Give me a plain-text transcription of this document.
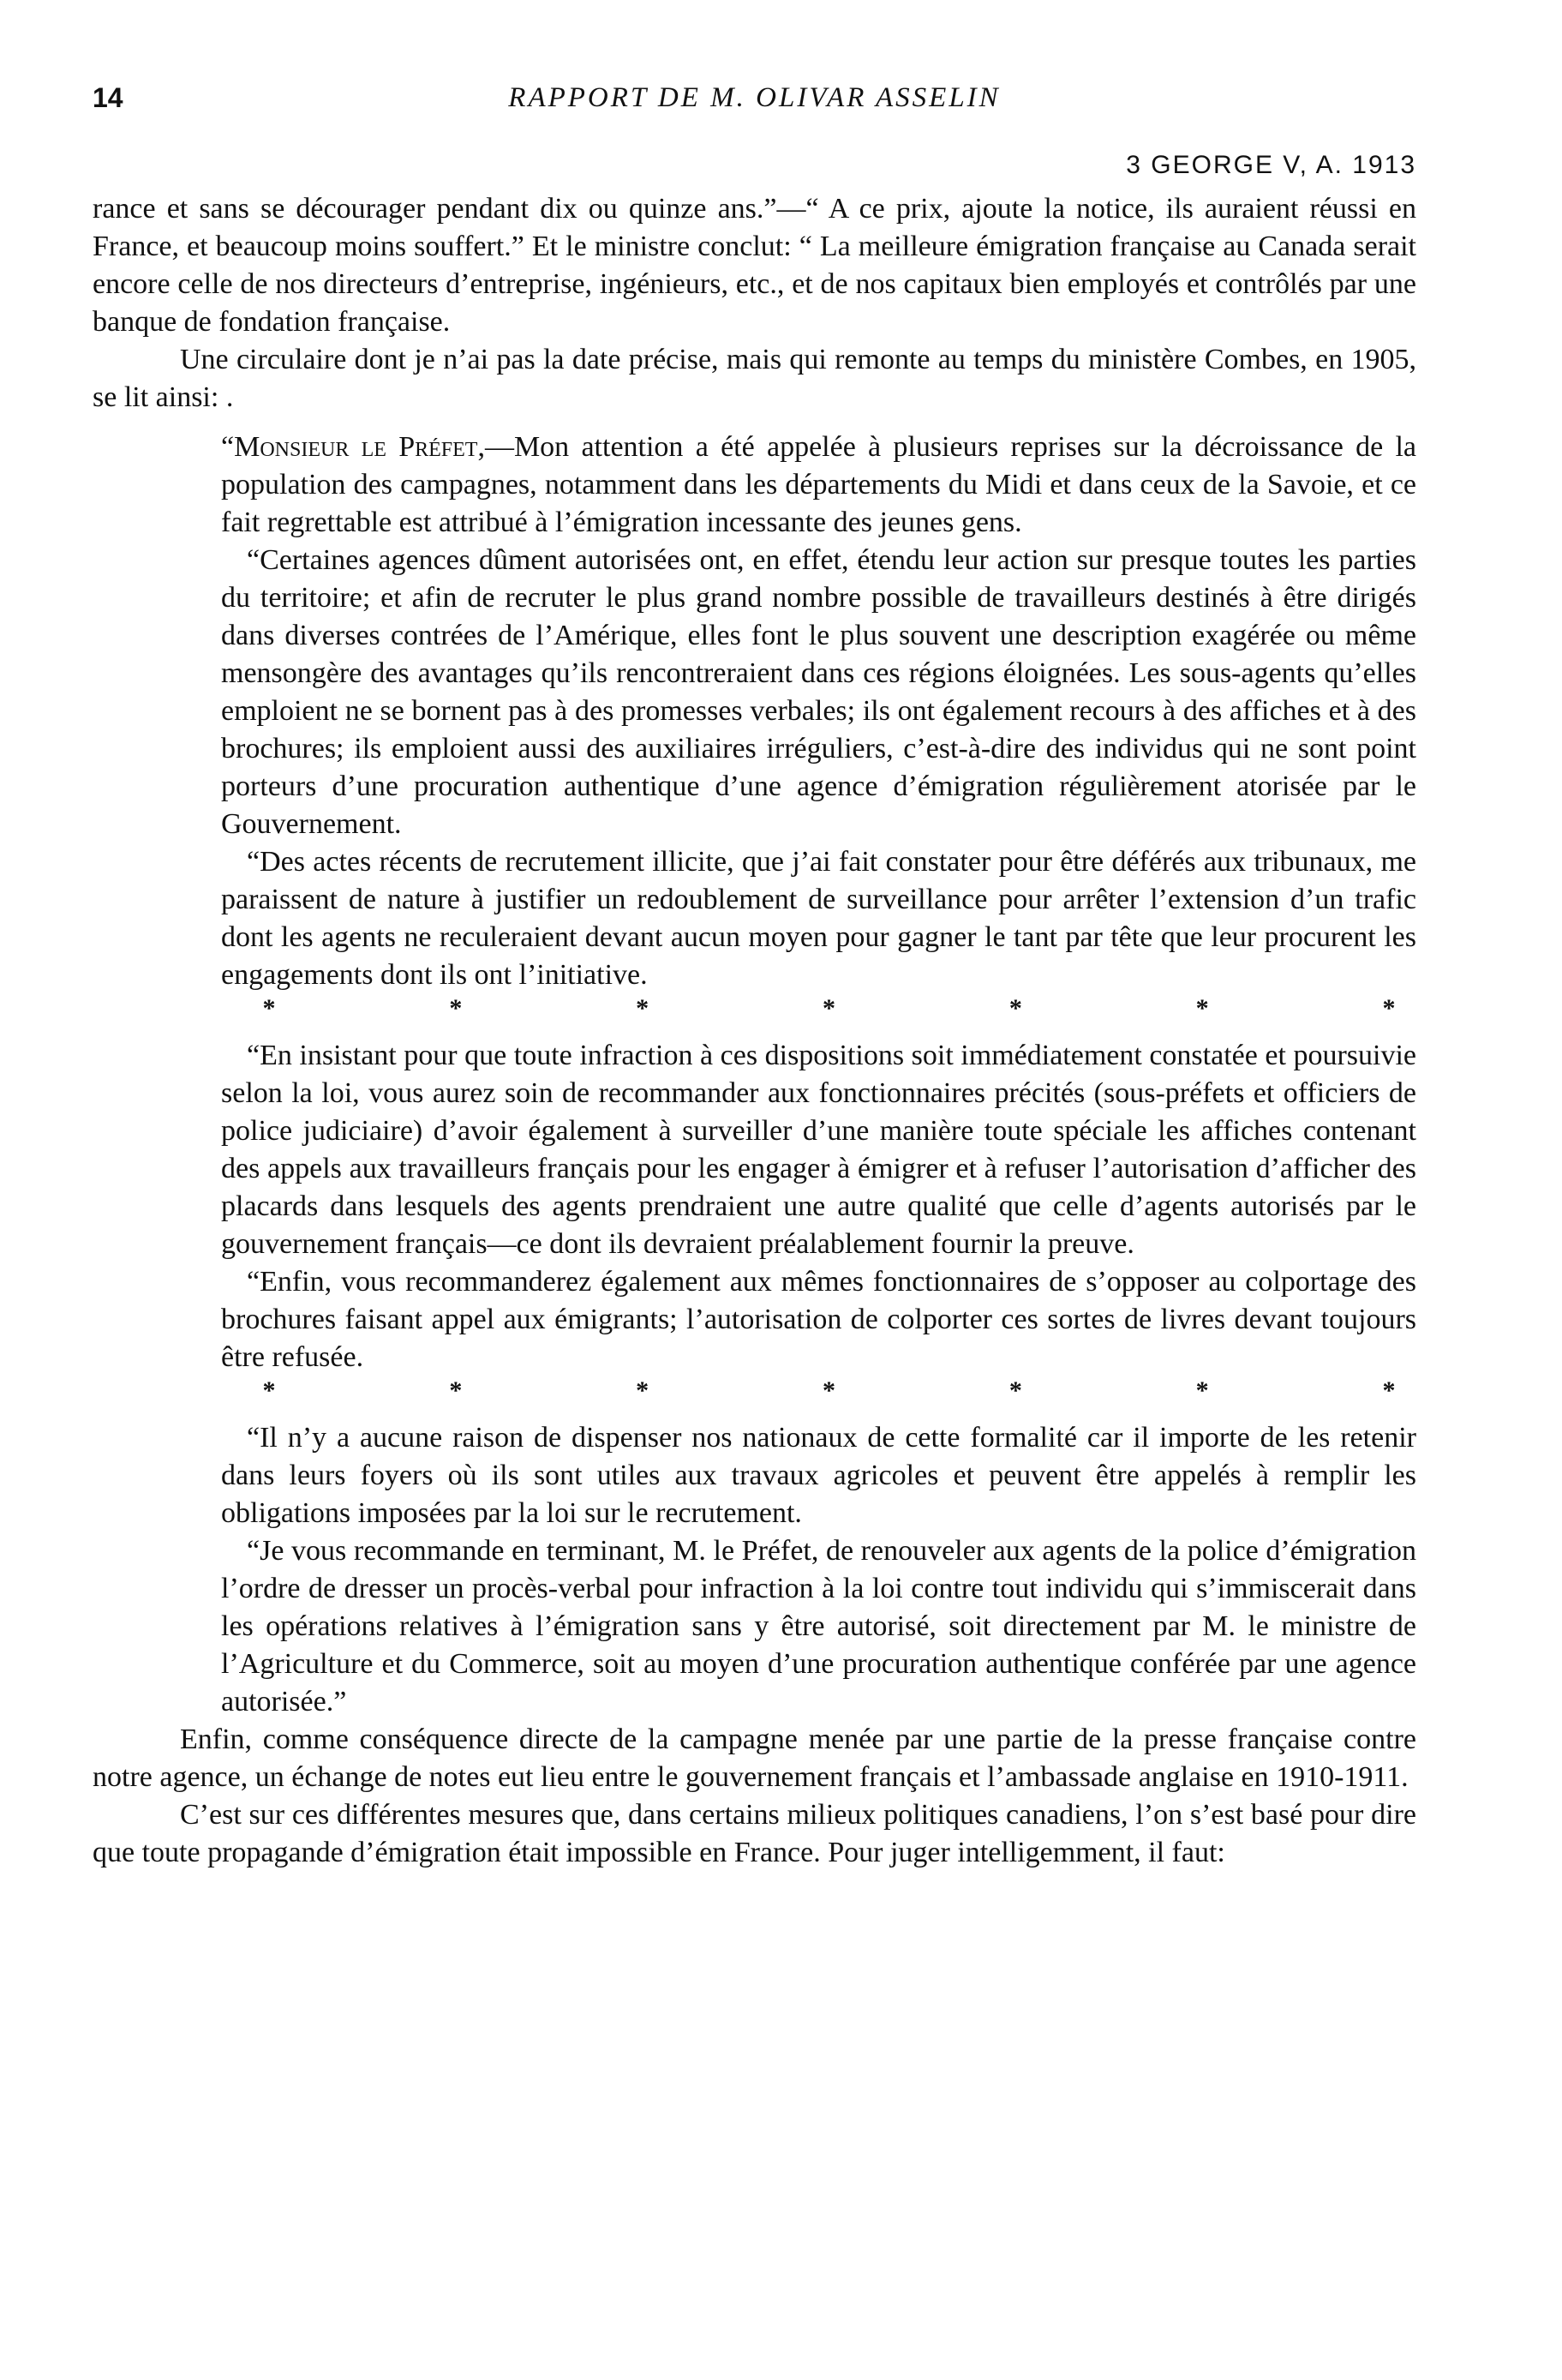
14	RAPPORT DE M. OLIVAR ASSELIN
3 GEORGE V, A. 1913

rance et sans se décourager pendant dix ou quinze ans.”—“ A ce prix, ajoute la notice, ils auraient réussi en France, et beaucoup moins souffert.” Et le ministre conclut: “ La meilleure émigration française au Canada serait encore celle de nos directeurs d’entreprise, ingénieurs, etc., et de nos capitaux bien employés et contrôlés par une banque de fondation française.

Une circulaire dont je n’ai pas la date précise, mais qui remonte au temps du ministère Combes, en 1905, se lit ainsi: .

“Monsieur le Préfet,—Mon attention a été appelée à plusieurs reprises sur la décroissance de la population des campagnes, notamment dans les départements du Midi et dans ceux de la Savoie, et ce fait regrettable est attribué à l’émigration incessante des jeunes gens.

“Certaines agences dûment autorisées ont, en effet, étendu leur action sur presque toutes les parties du territoire; et afin de recruter le plus grand nombre possible de travailleurs destinés à être dirigés dans diverses contrées de l’Amérique, elles font le plus souvent une description exagérée ou même mensongère des avantages qu’ils rencontreraient dans ces régions éloignées. Les sous-agents qu’elles emploient ne se bornent pas à des promesses verbales; ils ont également recours à des affiches et à des brochures; ils emploient aussi des auxiliaires irréguliers, c’est-à-dire des individus qui ne sont point porteurs d’une procuration authentique d’une agence d’émigration régulièrement atorisée par le Gouvernement.

“Des actes récents de recrutement illicite, que j’ai fait constater pour être déférés aux tribunaux, me paraissent de nature à justifier un redoublement de surveillance pour arrêter l’extension d’un trafic dont les agents ne reculeraient devant aucun moyen pour gagner le tant par tête que leur procurent les engagements dont ils ont l’initiative.

*	*	*	*	*	*	*

“En insistant pour que toute infraction à ces dispositions soit immédiatement constatée et poursuivie selon la loi, vous aurez soin de recommander aux fonctionnaires précités (sous-préfets et officiers de police judiciaire) d’avoir également à surveiller d’une manière toute spéciale les affiches contenant des appels aux travailleurs français pour les engager à émigrer et à refuser l’autorisation d’afficher des placards dans lesquels des agents prendraient une autre qualité que celle d’agents autorisés par le gouvernement français—ce dont ils devraient préalablement fournir la preuve.

“Enfin, vous recommanderez également aux mêmes fonctionnaires de s’opposer au colportage des brochures faisant appel aux émigrants; l’autorisation de colporter ces sortes de livres devant toujours être refusée.

*	*	*	*	*	*	*

“Il n’y a aucune raison de dispenser nos nationaux de cette formalité car il importe de les retenir dans leurs foyers où ils sont utiles aux travaux agricoles et peuvent être appelés à remplir les obligations imposées par la loi sur le recrutement.

“Je vous recommande en terminant, M. le Préfet, de renouveler aux agents de la police d’émigration l’ordre de dresser un procès-verbal pour infraction à la loi contre tout individu qui s’immiscerait dans les opérations relatives à l’émigration sans y être autorisé, soit directement par M. le ministre de l’Agriculture et du Commerce, soit au moyen d’une procuration authentique conférée par une agence autorisée.”

Enfin, comme conséquence directe de la campagne menée par une partie de la presse française contre notre agence, un échange de notes eut lieu entre le gouvernement français et l’ambassade anglaise en 1910-1911.

C’est sur ces différentes mesures que, dans certains milieux politiques canadiens, l’on s’est basé pour dire que toute propagande d’émigration était impossible en France. Pour juger intelligemment, il faut:
